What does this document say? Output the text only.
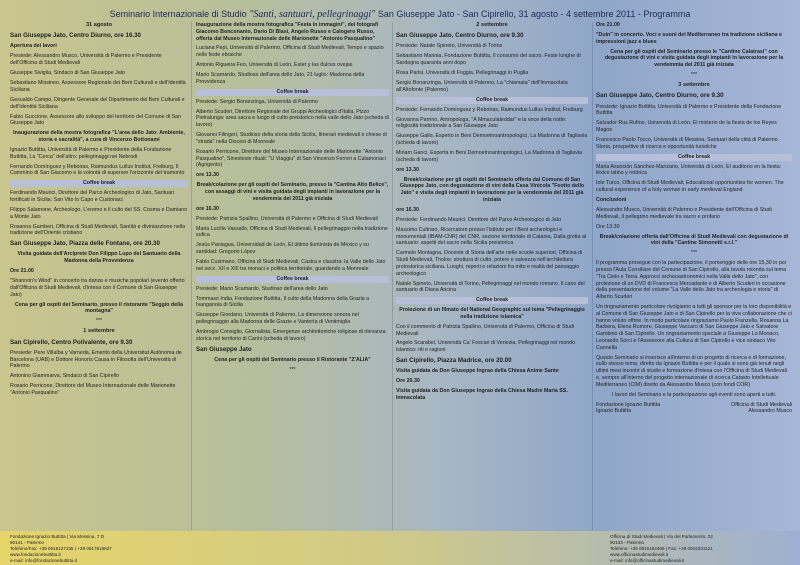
Seminario Internazionale di Studio "Santi, santuari, pellegrinaggi" San Giuseppe Jato - San Cipirello, 31 agosto - 4 settembre 2011 - Programma

31 agosto

San Giuseppe Jato, Centro Diurno, ore 16.30

Apertura dei lavori

Presiede: Alessandro Musco, Università di Palermo e Presidente dell'Officina di Studi Medievali

Giuseppe Siviglia, Sindaco di San Giuseppe Jato

Sebastiano Missineo, Assessore Regionale dei Beni Culturali e dell'Identità Siciliana

Gesualdo Campo, Dirigente Generale del Dipartimento dei Beni Culturali e dell'Identità Siciliana

Fabio Guccione, Assessore allo sviluppo del territorio del Comune di San Giuseppe Jato

Inaugurazione della mostra fotografica "L'area dello Jato: Ambiente, storia e sacralità", a cura di Vincenzo Bottonami

Ignazio Buttitta, Università di Palermo e Presidente della Fondazione Buttitta, La "Cerca" dell'altro: pellegrinaggi nei Nebrodi

Fernando Domínguez y Reboiras, Raimundus Lullus Institut, Freiburg, Il Cammino di San Giacomo e la volontà di superare l'orizzonte del tramonto

Coffee break

Ferdinando Maurici, Direttore del Parco Archeologico di Jato, Santuari fortificati in Sicilia: San Vito lo Capo e Custonaci

Filippo Salamone, Archeologo, L'eremo e il culto del SS. Cosma e Damiano a Monte Jato

Rosanna Gamberi, Officina di Studi Medievali, Santità e diviniazzione nella tradizione dell'Oriente cristiano

San Giuseppe Jato, Piazza delle Fontane, ore 20.30

Visita guidata dell'Arciprete Don Filippo Lupo del Santuario della Madonna della Provvidenza

Ore 21.00

"Shannon's Wind" in concerto tra danze e musiche popolari (evento offerto dall'Officina di Studi Medievali, d'intesa con il Comune di San Giuseppe Jato)

Cena per gli ospiti del Seminario, presso il ristorante "Seggio della montagna"

***

1 settembre

San Cipirello, Centro Polivalente, ore 9.30

Presiede: Pere Villalba y Varneda, Emerito della Universitat Autònoma de Barcelona (UAB) e Dottore Honoris Causa in Filosofia dell'Università di Palermo

Antonino Giammarva, Sindaco di San Cipirello

Rosario Perricone, Direttore del Museo Internazionale delle Marionette "Antonio Pasqualino"

Inaugurazione della mostra fotografica "Festa in immagini", dei fotografi Giacomo Bonconanio, Dario Di Blasi, Angelo Russo e Calogero Russo, offerta dal Museo Internazionale delle Marionette "Antonio Pasqualino"

Luciana Pepi, Università di Palermo, Officina di Studi Medievali, Tempo e spazio nelle feste ebraiche

Antonio Rigueira Feo, Università di León, Ester y las dulces ovejas

Mario Scamardo, Studioso dell'area dello Jato, 21 luglio: Madonna della Provvidenza

Coffee break

Presiede: Sergio Bonanzinga, Università di Palermo

Alberto Scuderi, Direttore Regionale dei Gruppi Archeologici d'Italia, Pizzo Pietralunga: area sacra e luogo di culto preistorico nella valle dello Jato (scheda di lavoro)

Giovanni Filingeri, Studioso della storia della Sicilia, Itinerari medievali e chiese di "strada" nella Diocesi di Monreale

Rosario Perricone, Direttore del Museo Internazionale delle Marionette "Antonio Pasqualino", Sinestesie rituali: "U Viaggiu" di San Vincenzo Ferreri a Calamonaci (Agrigento)

ore 13.30

Break/colazione per gli ospiti del Seminario, presso la "Cantina Alto Belice", con assaggi di vini e visita guidata degli impianti in lavorazione per la vendemmia del 2011 già iniziata

ore 16.30

Presiede: Patrizia Spallino, Università di Palermo e Officina di Studi Medievali

Maria Lucilla Vassallo, Officina di Studi Medievali, Il pellegrinaggio nella tradizione sufica

Jesús Paniagua, Universidad de León, El último iluminista de México y su santidad: Gregorio López

Fabio Cusimano, Officina di Studi Medievali, Castra e claustra: la Valle dello Jato nei secc. XII e XIII tra monaci e politica territoriale, guardando a Monreale

Coffee break

Presiede: Mario Scamardo, Studioso dell'area dello Jato

Tommaso India, Fondazione Buttitta, Il culto della Madonna della Grazia a Ivanganoia di Sicilia

Giuseppe Giordano, Università di Palermo, La dimensione sonora nel pellegrinaggio alla Madonna delle Grazie e Vanterìa di Ventimiglia

Ambrogio Consiglio, Giornalista, Emergenze architettoniche religiose di rilevanza storica nel territorio di Carini (scheda di lavoro)

San Giuseppe Jato

Cena per gli ospiti del Seminario presso il Ristorante "Z'ALIA"

***

2 settembre

San Giuseppe Jato, Centro Diurno, ore 9.30

Presiede: Natale Spineto, Università di Torino

Sebastiano Mannia, Fondazione Buttitta, Il consumo del sacro. Feste lunghe di Sardegna quaranta anni dopo

Rosa Parisi, Università di Foggia, Pellegrinaggi in Puglia

Sergio Bonanzinga, Università di Palermo, La "chiamata" dell'Immacolata all'Altofonte (Palermo)

Coffee break

Presiede: Fernando Domínguez y Reboiras, Raimundus Lullus Institut, Freiburg

Giovanna Parrino, Antropologa, "A Mmaculateddar" e la voce della notte: religiosità tradizionale a San Giuseppe Jato

Giuseppe Gallo, Esperto in Beni Demoetnoantropologici, La Madonna di Tagliavia (scheda di lavoro)

Miriam Ganci, Esperta in Beni Demoetnoantropologici, La Madonna di Tagliavia (scheda di lavoro)

ore 13.30

Break/colazione per gli ospiti del Seminario offerta dal Comune di San Giuseppe Jato, con degustazione di vini della Casa Vinicola "Feotto dello Jato" e visita degli impianti in lavorazione per la vendemmia del 2011 già iniziata

ore 16.30

Presiede: Ferdinando Maurici, Direttore del Parco Archeologico di Jato

Massimo Cultraro, Ricercatore presso l'Istituto per i Beni archeologici e monumentali (IBAM-CNR) del CNR, sezione territoriale di Catania, Dalla grotta al santuario: aspetti del sacro nella Sicilia preistorica

Carmelo Montagna, Docente di Storia dell'arte nelle scuole superiori, Officina di Studi Medievali, Tholos: struttura di culto, potere e salvezza nell'architettura protostorica siciliana. Luoghi, reperti e relazioni fra mito e realtà del paesaggio archeologico

Natale Spineto, Università di Torino, Pellegrinaggi nel mondo romano. Il caso del santuario di Diana Aricina

Coffee break

Proiezione di un filmato del National Geographic sul tema "Pellegrinaggio nella tradizione islamica"

Con il commento di Patrizia Spallino, Università di Palermo, Officina di Studi Medievali

Angelo Scarabel, Università Ca' Foscari di Venezia, Pellegrinaggi nel mondo islamico: riti e ragioni

San Cipirello, Piazza Madrice, ore 20.00

Visita guidata da Don Giuseppe Ingrao della Chiesa Anime Sante

Ore 20.30

Visita guidata da Don Giuseppe Ingrao della Chiesa Madre Maria SS. Immacolata

Ore 21.00

"Duin" in concerto. Voci e suoni del Mediterraneo tra tradizione siciliana e impressioni jazz e blues

Cena per gli ospiti del Seminario presso le "Cantine Calatrasi" con degustazione di vini e visita guidata degli impianti in lavorazione per la vendemmia del 2011 già iniziata

***

3 settembre

San Giuseppe Jato, Centro Diurno, ore 9.30

Presiede: Ignazio Buttitta, Università di Palermo e Presidente della Fondazione Buttitta

Salvador Rus Rufino, Università di León, El misterio de la fiesta de los Reyes Magos

Francesco Paolo Tocco, Università di Messina, Santuari della città di Palermo. Storia, prospettive di ricerca e opportunità turistiche

Coffee break

Maria Asunción Sánchez-Manzano, Università di León, El auditorio en la fiesta: léxico latino y retórica

Iole Turco, Officina di Studi Medievali, Educational opportunities for women. The cultural experience of a holy woman in early medieval England

Conclusioni

Alessandro Musco, Università di Palermo e Presidente dell'Officina di Studi Medievali, Il pellegrino medievale tra sacro e profano

Ore 13.30

Break/colazione offerta dall'Officina di Studi Medievali con degustazione di vini della "Cantine Simonetti s.r.l."

***

Il programma prosegue con la partecipazione, il pomeriggio delle ore 15,30 in poi presso l'Aula Consiliare del Comune di San Cipirello, alla tavola rotonda sul tema "Tra Cielo e Terra. Approcci archeoastronomici nella Valle dello Jato", con proiezione di un DVD di Francesca Mercadante e di Alberto Scuderi in occasione della presentazione del volume "La Valle dello Jato tra archeologia e storia" di Alberto Scuderi

Un ringraziamento particolare rivolgiamo a tutti gli sponsor per la loro disponibilità e al Comune di San Giuseppe Jato e di San Cipirello per la viva collaborazione che ci hanno voluto offrire. In modo particolare ringraziamo Paolo Franzella, Rosanna La Barbera, Elena Rumore, Giuseppe Vaccaro di San Giuseppe Jato e Salvatore Gambino di San Cipirello. Un ringraziamento speciale a Giuseppe Lo Monaco, Leonardo Sorci e l'Assessore alla Cultura di San Cipirello e vice sindaco Vito Cannella

Questo Seminario si inserisce all'interno di un progetto di ricerca e di formazione, sullo stesso tema, diretto da Ignazio Buttitta e per il quale si sono già tenuti negli ultimi mesi incontri di studio e formazione d'intesa con l'Officina di Studi Medievali e, sempre all'interno del progetto internazionale di ricerca Catasto Intellettuale Mediterraneo (CIM) diretto da Alessandro Musco (con fondi COR)

I lavori del Seminario e la partecipazione agli eventi sono aperti a tutti.

Fondazione Ignazio Buttitta
Ignazio Buttitta
Officina di Studi Medievali
Alessandro Musco
Fondazione Ignazio Buttitta | Via Messina, 7 D
90141 - Palermo
Telefono/Fax: +39 0916127155 | +39 0917818827
www.fondazionebuttitta.it
e-mail: info@fondazionebuttitta.it
Officina di Studi Medievali | Via del Parlamento, 32
90133 - Palermo
Telefono: +39 0916162466 | Fax: +39 0916331121
www.officinastudimedievali.it
e-mail: info@officinastudimedievali.it
